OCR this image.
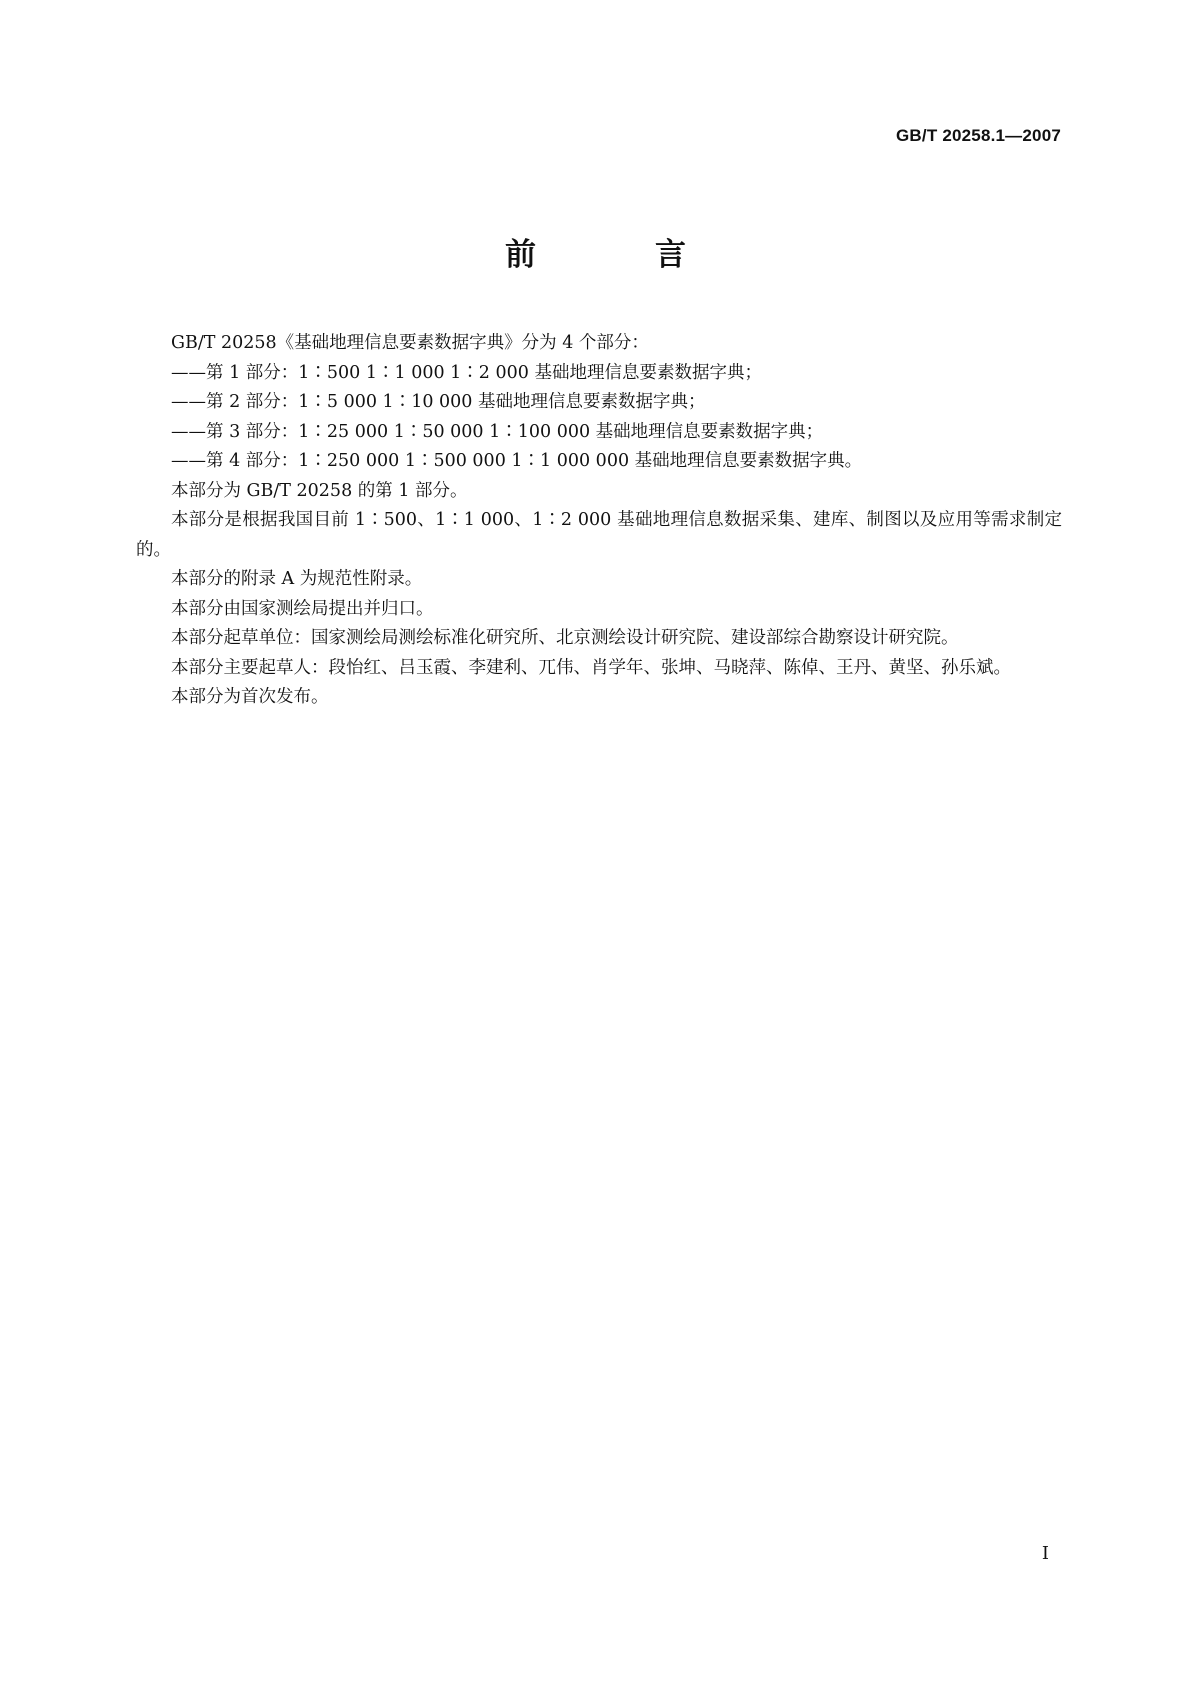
GB/T 20258.1—2007
前　言

GB/T 20258《基础地理信息要素数据字典》分为 4 个部分：

——第 1 部分：1∶500 1∶1 000 1∶2 000 基础地理信息要素数据字典；

——第 2 部分：1∶5 000 1∶10 000 基础地理信息要素数据字典；

——第 3 部分：1∶25 000 1∶50 000 1∶100 000 基础地理信息要素数据字典；

——第 4 部分：1∶250 000 1∶500 000 1∶1 000 000 基础地理信息要素数据字典。

本部分为 GB/T 20258 的第 1 部分。

本部分是根据我国目前 1∶500、1∶1 000、1∶2 000 基础地理信息数据采集、建库、制图以及应用等需求制定的。

本部分的附录 A 为规范性附录。

本部分由国家测绘局提出并归口。

本部分起草单位：国家测绘局测绘标准化研究所、北京测绘设计研究院、建设部综合勘察设计研究院。

本部分主要起草人：段怡红、吕玉霞、李建利、兀伟、肖学年、张坤、马晓萍、陈倬、王丹、黄坚、孙乐斌。

本部分为首次发布。

I
